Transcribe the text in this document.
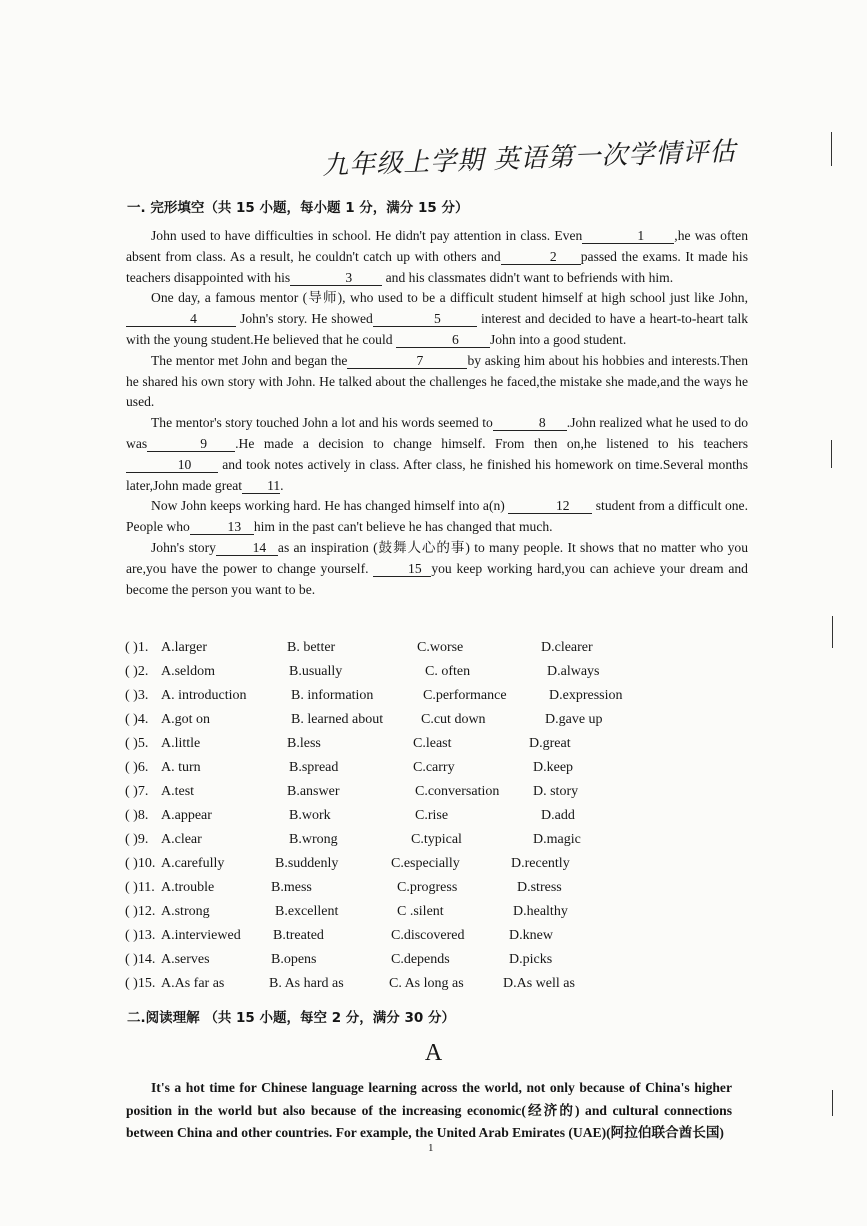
九年级上学期 英语第一次学情评估
一. 完形填空（共 15 小题，每小题 1 分，满分 15 分）

John used to have difficulties in school. He didn't pay attention in class. Even	1 ,he was often absent from class. As a result, he couldn't catch up with others and	2 passed the exams. It made his teachers disappointed with his	3 and his classmates didn't want to befriends with him.

One day, a famous mentor (导师), who used to be a difficult student himself at high school just like John, 4	John's story. He showed	5	interest and decided to have a heart-to-heart talk with the young student.He believed that he could	6 John into a good student.

The mentor met John and began the	7	by asking him about his hobbies and interests.Then he shared his own story with John. He talked about the challenges he faced,the mistake she made,and the ways he used.

The mentor's story touched John a lot and his words seemed to	8 .John realized what he used to do was	9 .He made a decision to change himself. From then on,he listened to his teachers 10 and took notes actively in class. After class, he finished his homework on time.Several months later,John made great 11.

Now John keeps working hard. He has changed himself into a(n)	12 student from a difficult one. People who	13 him in the past can't believe he has changed that much.

John's story	14 as an inspiration (鼓舞人心的事) to many people. It shows that no matter who you are,you have the power to change yourself.	15 you keep working hard,you can achieve your dream and become the person you want to be.

( )1. A.larger	B. better	C.worse	D.clearer
( )2. A.seldom	B.usually	C. often	D.always
( )3. A. introduction	B. information	C.performance	D.expression
( )4. A.got on	B. learned about	C.cut down	D.gave up
( )5. A.little	B.less	C.least	D.great
( )6. A. turn	B.spread	C.carry	D.keep
( )7. A.test	B.answer	C.conversation D. story
( )8. A.appear	B.work	C.rise	D.add
( )9. A.clear	B.wrong	C.typical	D.magic
( )10. A.carefully	B.suddenly	C.especially	D.recently
( )11. A.trouble	B.mess	C.progress	D.stress
( )12. A.strong	B.excellent	C .silent	D.healthy
( )13. A.interviewed B.treated	C.discovered	D.knew
( )14. A.serves	B.opens	C.depends	D.picks
( )15. A.As far as	B. As hard as	C. As long as	D.As well as
二.阅读理解 （共 15 小题，每空 2 分，满分 30 分）
A

It's a hot time for Chinese language learning across the world, not only because of China's higher position in the world but also because of the increasing economic(经济的) and cultural connections between China and other countries. For example, the United Arab Emirates (UAE)(阿拉伯联合酋长国)

1
